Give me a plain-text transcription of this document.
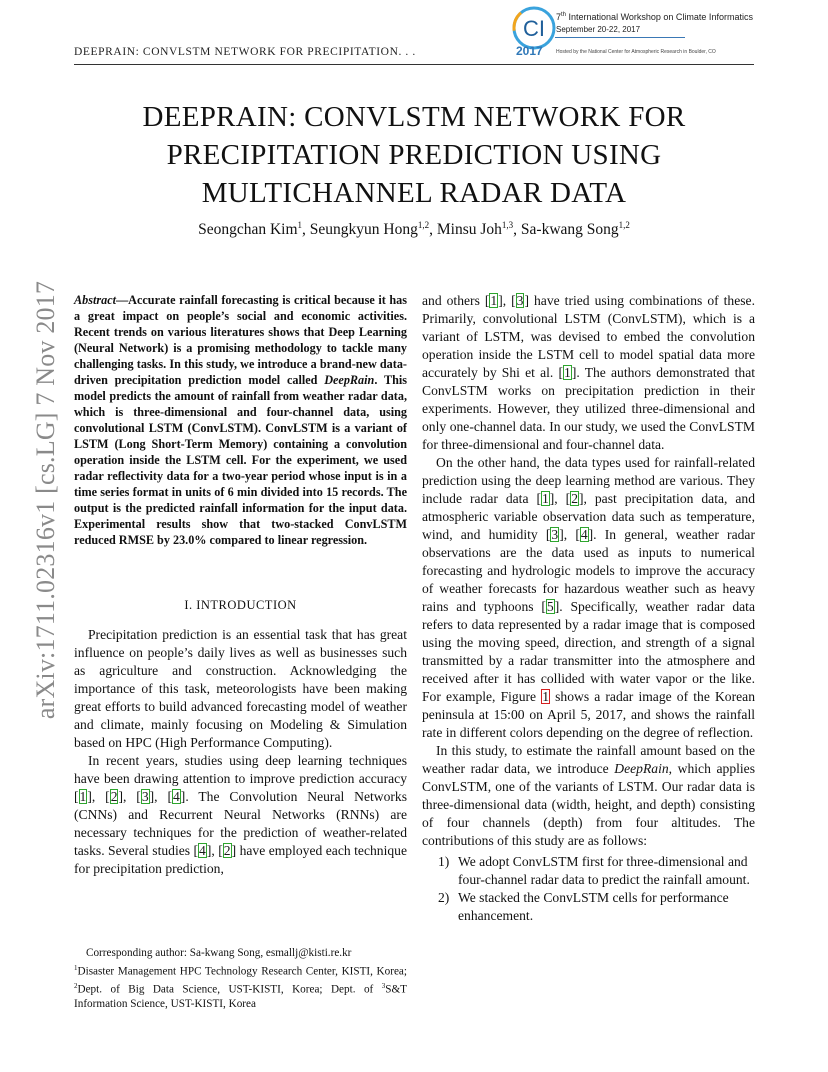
DEEPRAIN: CONVLSTM NETWORK FOR PRECIPITATION. . .
CI 7th International Workshop on Climate Informatics
September 20-22, 2017
2017	Hosted by the National Center for Atmospheric Research in Boulder, CO
DEEPRAIN: CONVLSTM NETWORK FOR
PRECIPITATION PREDICTION USING
MULTICHANNEL RADAR DATA
Seongchan Kim$^1$, Seungkyun Hong$^{1,2}$, Minsu Joh$^{1,3}$, Sa-kwang Song$^{1,2}$
arXiv:1711.02316v1 [cs.LG] 7 Nov 2017 Abstract—Accurate rainfall forecasting is critical because it has a great impact on people’s social and economic activities. Recent trends on various literatures shows that Deep Learning (Neural Network) is a promising methodology to tackle many challenging tasks. In this study, we introduce a brand-new data-driven precipitation prediction model called DeepRain. This model predicts the amount of rainfall from weather radar data, which is three-dimensional and four-channel data, using convolutional LSTM (ConvLSTM). ConvLSTM is a variant of LSTM (Long Short-Term Memory) containing a convolution operation inside the LSTM cell. For the experiment, we used radar reflectivity data for a two-year period whose input is in a time series format in units of 6 min divided into 15 records. The output is the predicted rainfall information for the input data. Experimental results show that two-stacked ConvLSTM reduced RMSE by 23.0% compared to linear regression.

I. INTRODUCTION

Precipitation prediction is an essential task that has great influence on people’s daily lives as well as businesses such as agriculture and construction. Acknowledging the importance of this task, meteorologists have been making great efforts to build advanced forecasting model of weather and climate, mainly focusing on Modeling & Simulation based on HPC (High Performance Computing).

In recent years, studies using deep learning techniques have been drawing attention to improve prediction accuracy [1], [2], [3], [4]. The Convolution Neural Networks (CNNs) and Recurrent Neural Networks (RNNs) are necessary techniques for the prediction of weather-related tasks. Several studies [4], [2] have employed each technique for precipitation prediction,

Corresponding author: Sa-kwang Song, esmallj@kisti.re.kr
$^1$Disaster Management HPC Technology Research Center, KISTI, Korea; $^2$Dept. of Big Data Science, UST-KISTI, Korea; Dept. of $^3$S&T Information Science, UST-KISTI, Korea

and others [1], [3] have tried using combinations of these. Primarily, convolutional LSTM (ConvLSTM), which is a variant of LSTM, was devised to embed the convolution operation inside the LSTM cell to model spatial data more accurately by Shi et al. [1]. The authors demonstrated that ConvLSTM works on precipitation prediction in their experiments. However, they utilized three-dimensional and only one-channel data. In our study, we used the ConvLSTM for three-dimensional and four-channel data.

On the other hand, the data types used for rainfall-related prediction using the deep learning method are various. They include radar data [1], [2], past precipitation data, and atmospheric variable observation data such as temperature, wind, and humidity [3], [4]. In general, weather radar observations are the data used as inputs to numerical forecasting and hydrologic models to improve the accuracy of weather forecasts for hazardous weather such as heavy rains and typhoons [5]. Specifically, weather radar data refers to data represented by a radar image that is composed using the moving speed, direction, and strength of a signal transmitted by a radar transmitter into the atmosphere and received after it has collided with water vapor or the like. For example, Figure 1 shows a radar image of the Korean peninsula at 15:00 on April 5, 2017, and shows the rainfall rate in different colors depending on the degree of reflection.

In this study, to estimate the rainfall amount based on the weather radar data, we introduce DeepRain, which applies ConvLSTM, one of the variants of LSTM. Our radar data is three-dimensional data (width, height, and depth) consisting of four channels (depth) from four altitudes. The contributions of this study are as follows:

1) We adopt ConvLSTM first for three-dimensional and four-channel radar data to predict the rainfall amount.
2) We stacked the ConvLSTM cells for performance enhancement.
